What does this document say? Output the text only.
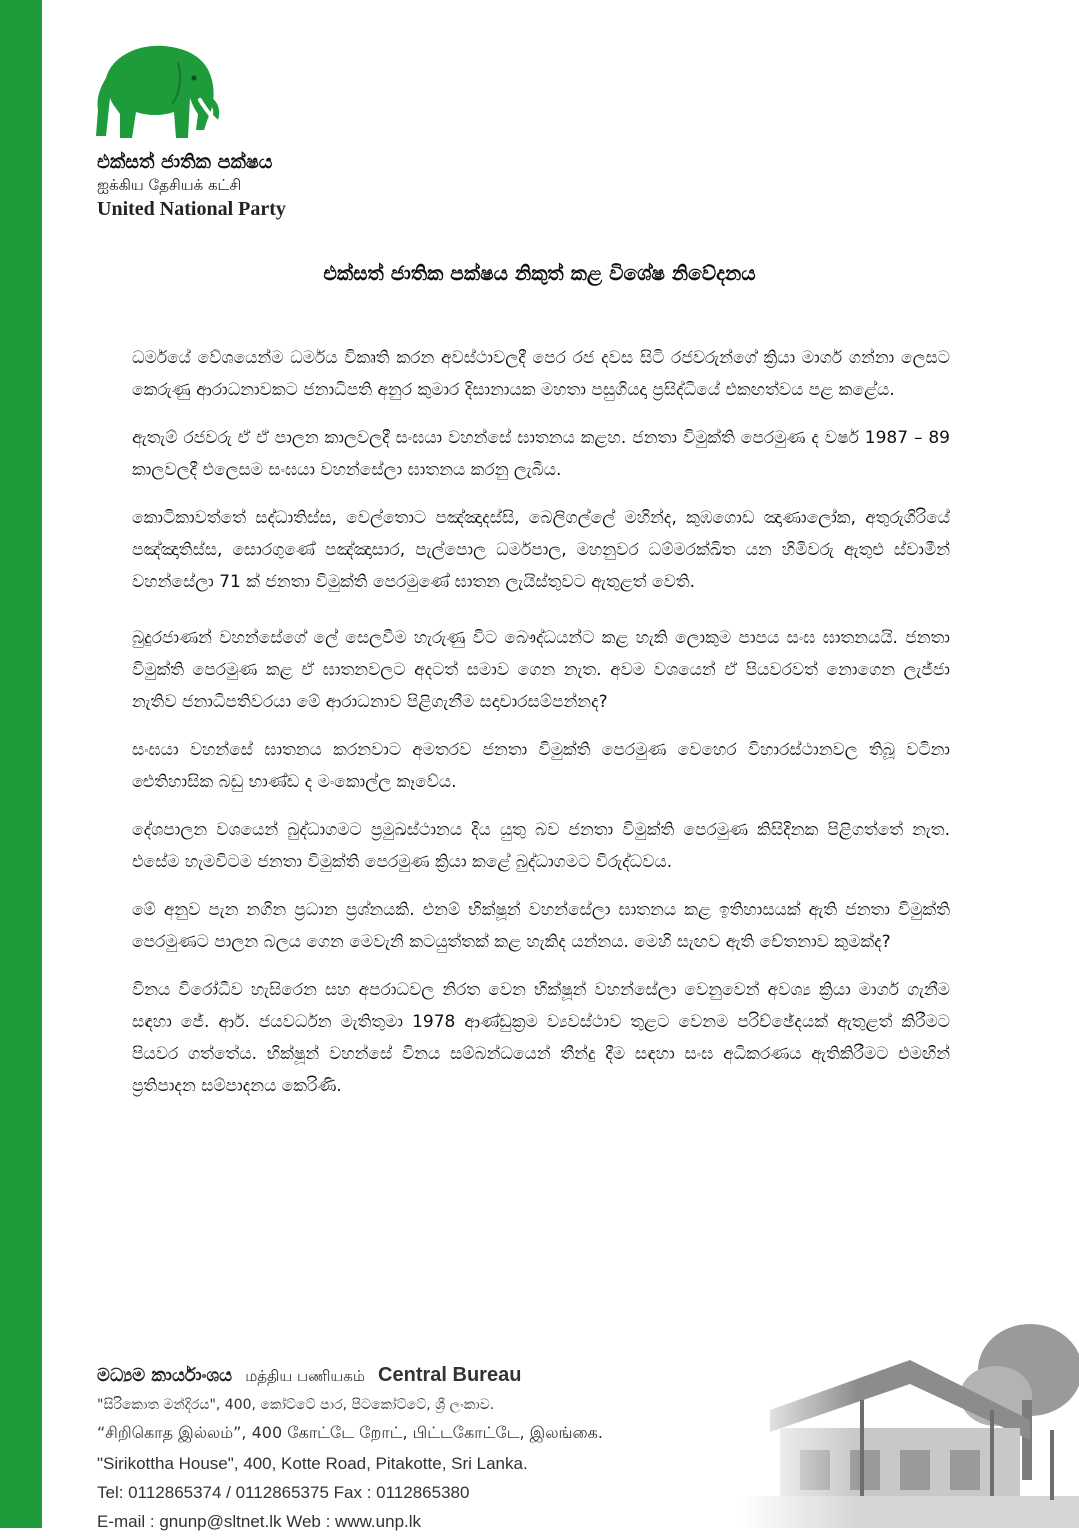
එක්සත් ජාතික පක්ෂය
ஐக்கிய தேசியக் கட்சி
United National Party
එක්සත් ජාතික පක්ෂය නිකුත් කළ විශේෂ නිවේදනය

ධර්මයේ වේශයෙන්ම ධර්මය විකෘති කරන අවස්ථාවලදී පෙර රජ දවස සිටි රජවරුන්ගේ ක්‍රියා මාර්ග ගන්නා ලෙසට කෙරුණු ආරාධනාවකට ජනාධිපති අනුර කුමාර දිසානායක මහතා පසුගියදා ප්‍රසිද්ධියේ එකඟත්වය පළ කළේය.

ඇතැම් රජවරු ඒ ඒ පාලන කාලවලදී සංඝයා වහන්සේ ඝාතනය කළහ. ජනතා විමුක්ති පෙරමුණ ද වර්ෂ 1987 – 89 කාලවලදී එලෙසම සංඝයා වහන්සේලා ඝාතනය කරනු ලැබීය.

කොටිකාවත්තේ සද්ධාතිස්ස, වෙල්තොට පඤ්ඤාදස්සි, බෙලිගල්ලේ මහින්ද, කුඹගොඩ ඤාණාලෝක, අතුරුගිරියේ පඤ්ඤාතිස්ස, සොරගුණේ පඤ්ඤාසාර, පැල්පොල ධර්මපාල, මහනුවර ධම්මරක්ඛිත යන හිමිවරු ඇතුළු ස්වාමීන් වහන්සේලා 71 ක් ජනතා විමුක්ති පෙරමුණේ ඝාතන ලැයිස්තුවට ඇතුළත් වෙති.

බුදුරජාණන් වහන්සේගේ ලේ සෙලවීම හැරුණු විට බෞද්ධයන්ට කළ හැකි ලොකුම පාපය සංඝ ඝාතනයයි. ජනතා විමුක්ති පෙරමුණ කළ ඒ ඝාතනවලට අදටත් සමාව ගෙන නැත. අවම වශයෙන් ඒ පියවරවත් නොගෙන ලැජ්ජා නැතිව ජනාධිපතිවරයා මේ ආරාධනාව පිළිගැනීම සදාචාරසම්පන්නද?

සංඝයා වහන්සේ ඝාතනය කරනවාට අමතරව ජනතා විමුක්ති පෙරමුණ වෙහෙර විහාරස්ථානවල තිබූ වටිනා ඓතිහාසික බඩු භාණ්ඩ ද මංකොල්ල කෑවේය.

දේශපාලන වශයෙන් බුද්ධාගමට ප්‍රමුඛස්ථානය දිය යුතු බව ජනතා විමුක්ති පෙරමුණ කිසිදිනක පිළිගත්තේ නැත. එසේම හැමවිටම ජනතා විමුක්ති පෙරමුණ ක්‍රියා කළේ බුද්ධාගමට විරුද්ධවය.

මේ අනුව පැන නගින ප්‍රධාන ප්‍රශ්නයකි. එනම් භික්ෂූන් වහන්සේලා ඝාතනය කළ ඉතිහාසයක් ඇති ජනතා විමුක්ති පෙරමුණට පාලන බලය ගෙන මෙවැනි කටයුත්තක් කළ හැකිද යන්නය. මෙහි සැඟව ඇති චේතනාව කුමක්ද?

විනය විරෝධීව හැසිරෙන සහ අපරාධවල නිරත වෙන භික්ෂූන් වහන්සේලා වෙනුවෙන් අවශ්‍ය ක්‍රියා මාර්ග ගැනීම සඳහා ජේ. ආර්. ජයවර්ධන මැතිතුමා 1978 ආණ්ඩුක්‍රම ව්‍යවස්ථාව තුළට වෙනම පරිච්ඡේදයක් ඇතුළත් කිරීමට පියවර ගත්තේය. භික්ෂූන් වහන්සේ විනය සම්බන්ධයෙන් තීන්දු දීම සඳහා සංඝ අධිකරණය ඇතිකිරීමට එමඟින් ප්‍රතිපාදන සම්පාදනය කෙරිණි.

මධ්‍යම කාර්යාංශය மத்திய பணியகம் Central Bureau
"සිරිකොත මන්දිරය", 400, කෝට්ටේ පාර, පිටකෝට්ටේ, ශ්‍රී ලංකාව.
“சிறிகொத இல்லம்”, 400 கோட்டே றோட், பிட்டகோட்டே, இலங்கை.
"Sirikottha House", 400, Kotte Road, Pitakotte, Sri Lanka.
Tel: 0112865374 / 0112865375 Fax : 0112865380
E-mail : gnunp@sltnet.lk Web : www.unp.lk
